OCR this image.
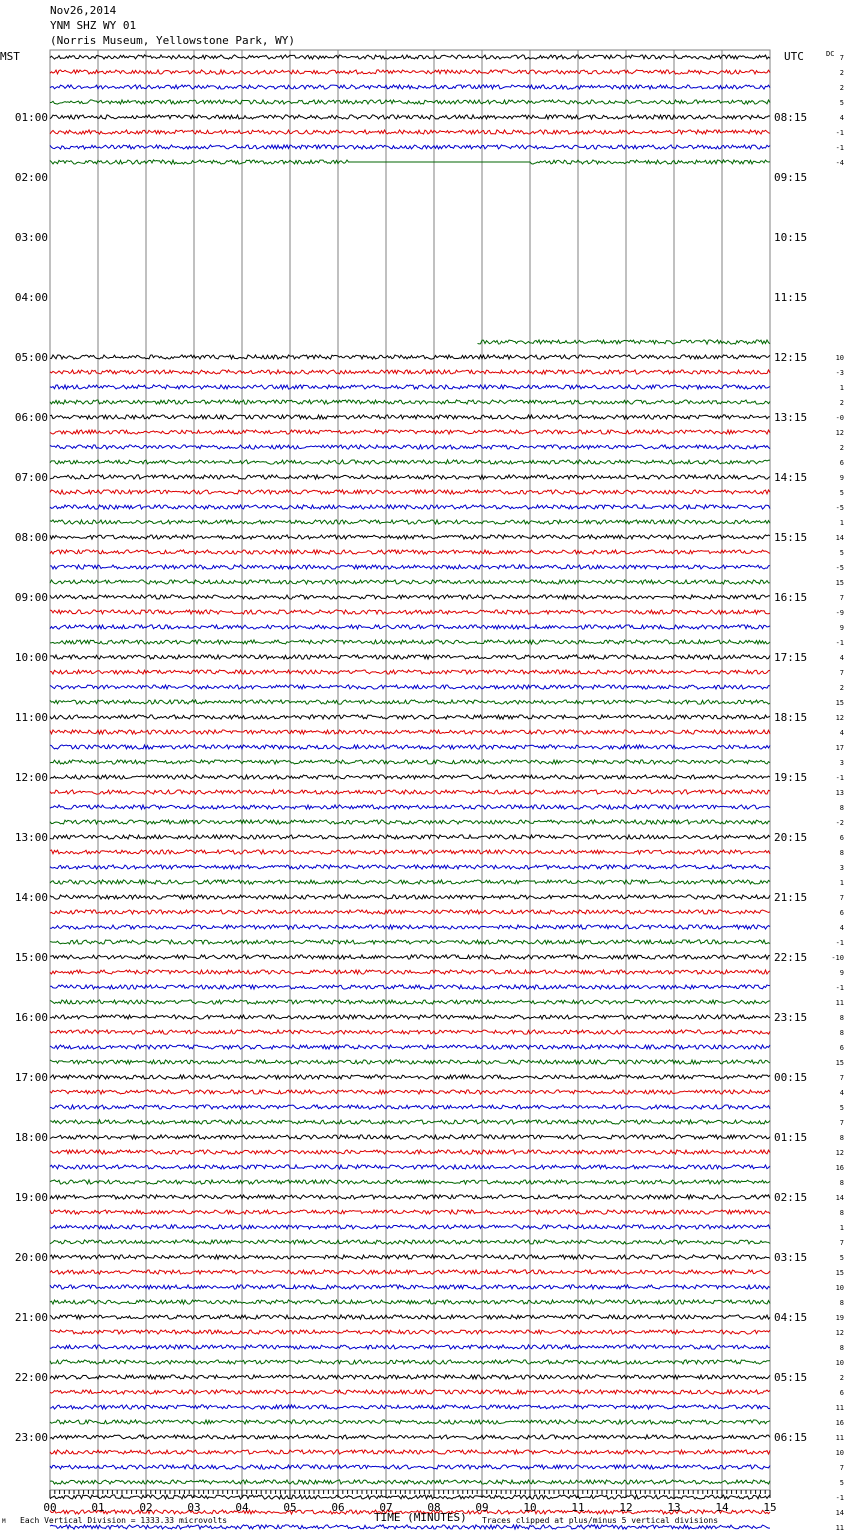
Nov26,2014
YNM SHZ WY 01
(Norris Museum, Yellowstone Park, WY)
7
2
2
5
4
-1
-1
-4
10
-3
1
2
-0
12
2
6
9
5
-5
1
14
5
-5
15
7
-9
9
-1
4
7
2
15
12
4
17
3
-1
13
8
-2
6
8
3
1
7
6
4
-1
-10
9
-1
11
8
8
6
15
7
4
5
7
8
12
16
8
14
8
1
7
5
15
10
8
19
12
8
10
2
6
11
16
11
10
7
5
-1
14
11
MST	UTC	DC
01:00
02:00
03:00
04:00
05:00
06:00
07:00
08:00
09:00
10:00
11:00
12:00
13:00
14:00
15:00
16:00
17:00
18:00
19:00
20:00
21:00
22:00
23:00
08:15
09:15
10:15
11:15
12:15
13:15
14:15
15:15
16:15
17:15
18:15
19:15
20:15
21:15
22:15
23:15
00:15
01:15
02:15
03:15
04:15
05:15
06:15
00	01	02	03	04	05	06	07	08	09	10	11	12	13	14	15
TIME (MINUTES)
Each Vertical Division = 1333.33 microvolts	Traces clipped at plus/minus 5 vertical divisions
M
